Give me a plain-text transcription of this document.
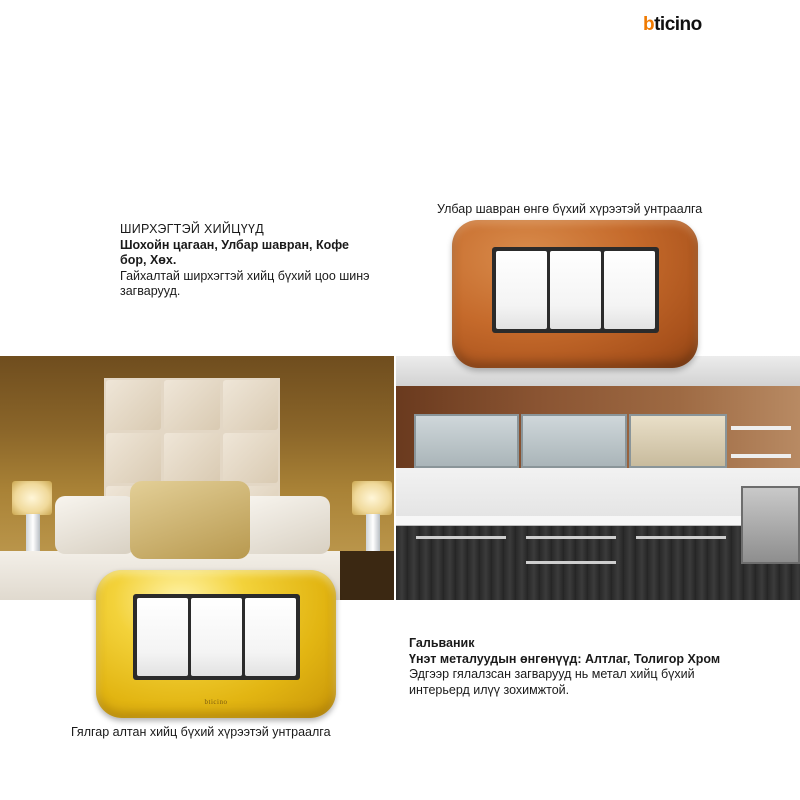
bticino
ШИРХЭГТЭЙ ХИЙЦҮҮД
Шохойн цагаан, Улбар шавран, Кофе бор, Хөх.
Гайхалтай ширхэгтэй хийц бүхий цоо шинэ загварууд.
Улбар шавран өнгө бүхий хүрээтэй унтраалга
bticino
Гальваник
Үнэт металуудын өнгөнүүд: Алтлаг, Толигор Хром
Эдгээр гялалзсан загварууд нь метал хийц бүхий интерьерд илүү зохимжтой.
Гялгар алтан хийц бүхий хүрээтэй унтраалга
